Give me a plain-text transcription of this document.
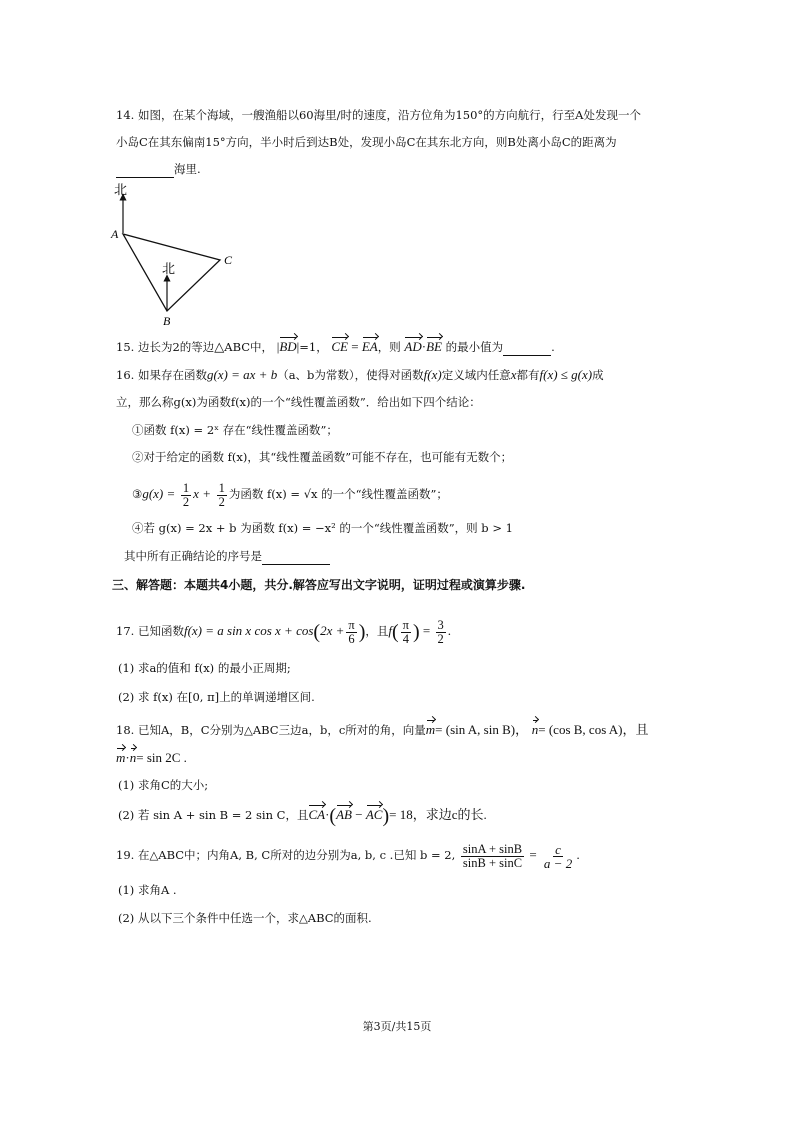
14. 如图，在某个海域，一艘渔船以60海里/时的速度，沿方位角为150°的方向航行，行至A处发现一个
小岛C在其东偏南15°方向，半小时后到达B处，发现小岛C在其东北方向，则B处离小岛C的距离为
海里.
北
北
A
C
B
15. 边长为2的等边△ABC中， |BD|=1， CE = EA，则 AD·BE 的最小值为	.
16. 如果存在函数g(x) = ax + b（a、b为常数），使得对函数f(x)定义域内任意x都有f(x) ≤ g(x)成
立，那么称g(x)为函数f(x)的一个“线性覆盖函数”．给出如下四个结论：
①函数 f(x) = 2ˣ 存在“线性覆盖函数”；
②对于给定的函数 f(x)，其“线性覆盖函数”可能不存在，也可能有无数个；
③g(x) = $\frac{1}{2}$ $x + \frac{1}{2}$ 为函数 f(x) = √x 的一个“线性覆盖函数”；
④若 g(x) = 2x + b 为函数 f(x) = −x² 的一个“线性覆盖函数”，则 b > 1
其中所有正确结论的序号是
三、解答题：本题共4小题，共分.解答应写出文字说明，证明过程或演算步骤.
17. 已知函数f(x) = a sin x $\cos x + \cos(2x + \frac{\pi}{6}$ )，且$f( \frac{\pi}{4}$ ) = $\frac{3}{2}$ .
(1) 求a的值和 f(x) 的最小正周期;
(2) 求 f(x) 在[0, π]上的单调递增区间.
18. 已知A，B，C分别为△ABC三边a，b，c所对的角，向量m= (sin A, sin B)， n= (cos B, cos A)，且
m·n= sin 2C .
(1) 求角C的大小;
(2) 若 sin A + sin B = 2 sin C，且CA·(AB − AC)= 18，求边c的长.
19. 在△ABC中；内角A, B, C所对的边分别为a, b, c .已知 b = 2, $\frac{\sin A + \sin B}{\sin B + \sin C} = \frac{c}{a - 2}$ .
(1) 求角A .
(2) 从以下三个条件中任选一个，求△ABC的面积.
第3页/共15页
